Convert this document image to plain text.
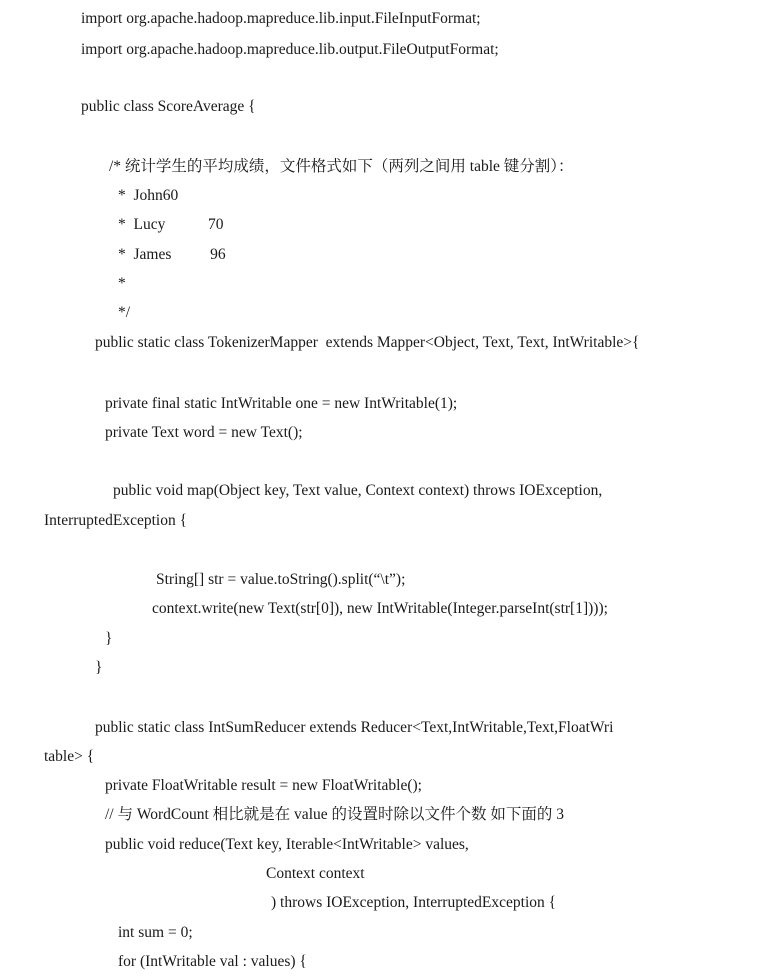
import org.apache.hadoop.mapreduce.lib.input.FileInputFormat;
import org.apache.hadoop.mapreduce.lib.output.FileOutputFormat;
public class ScoreAverage {
/* 统计学生的平均成绩，文件格式如下（两列之间用 table 键分割）：
*  John60
*  Lucy           70
*  James          96
*
*/
public static class TokenizerMapper  extends Mapper<Object, Text, Text, IntWritable>{
private final static IntWritable one = new IntWritable(1);
private Text word = new Text();
public void map(Object key, Text value, Context context) throws IOException,
InterruptedException {
String[] str = value.toString().split(“\t”);
context.write(new Text(str[0]), new IntWritable(Integer.parseInt(str[1])));
}
}
public static class IntSumReducer extends Reducer<Text,IntWritable,Text,FloatWri
table> {
private FloatWritable result = new FloatWritable();
// 与 WordCount 相比就是在 value 的设置时除以文件个数 如下面的 3
public void reduce(Text key, Iterable<IntWritable> values,
Context context
) throws IOException, InterruptedException {
int sum = 0;
for (IntWritable val : values) {
